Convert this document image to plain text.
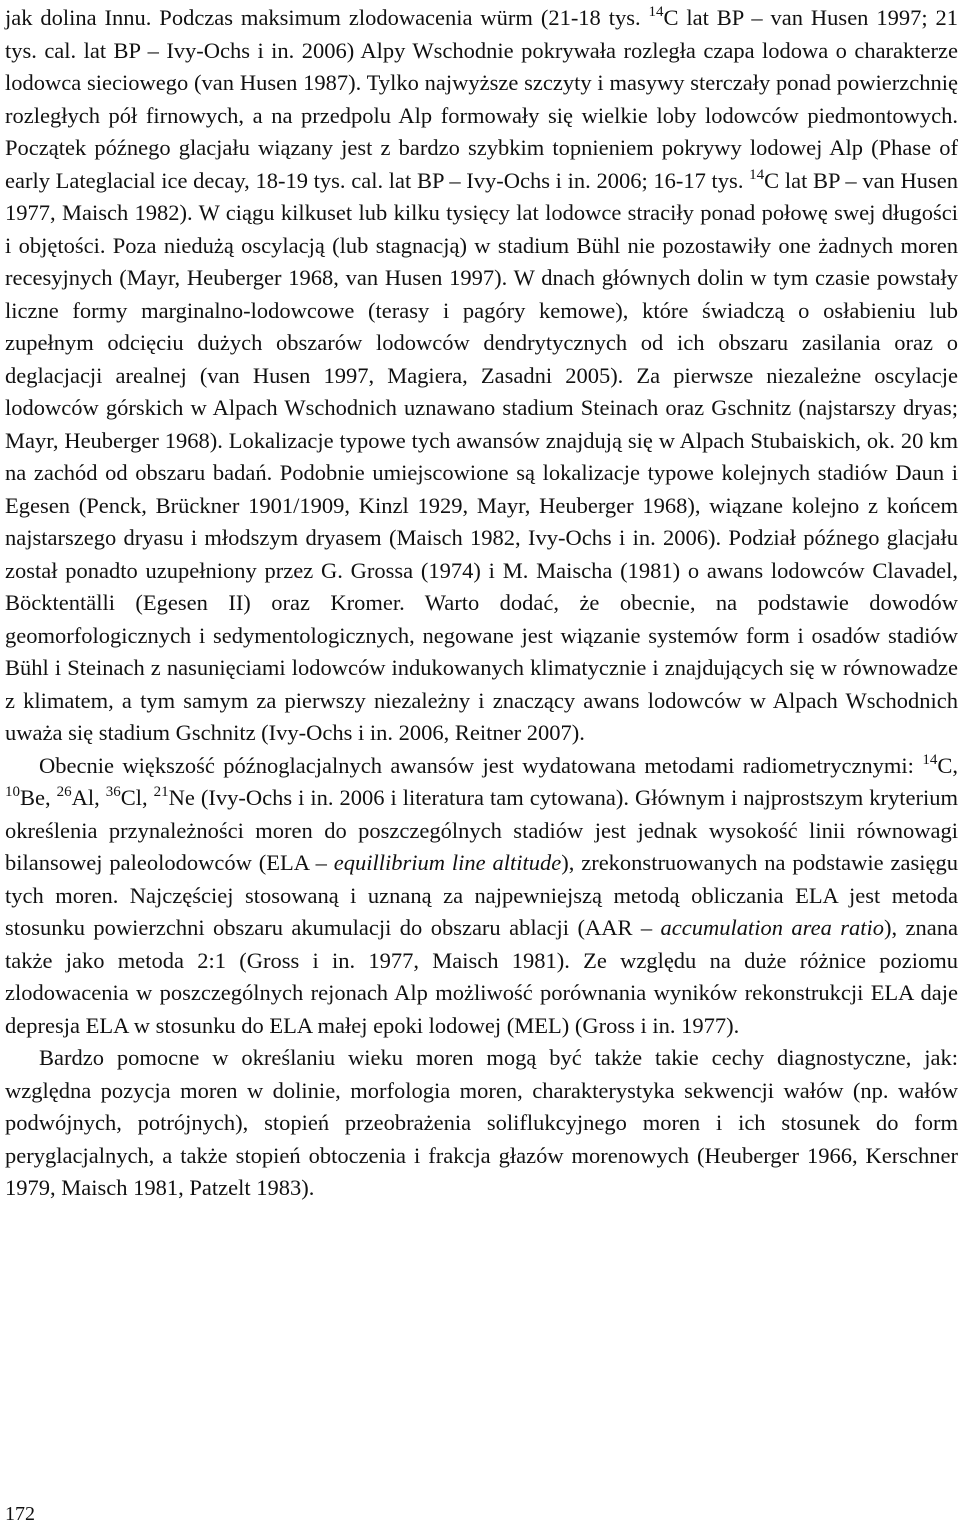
jak dolina Innu. Podczas maksimum zlodowacenia würm (21-18 tys. $^{14}$C lat BP – van Husen 1997; 21 tys. cal. lat BP – Ivy-Ochs i in. 2006) Alpy Wschodnie pokrywała rozległa czapa lodowa o charakterze lodowca sieciowego (van Husen 1987). Tylko najwyższe szczyty i masywy sterczały ponad powierzchnię rozległych pół firnowych, a na przedpolu Alp formowały się wielkie loby lodowców piedmontowych. Początek późnego glacjału wiązany jest z bardzo szybkim topnieniem pokrywy lodowej Alp (Phase of early Lateglacial ice decay, 18-19 tys. cal. lat BP – Ivy-Ochs i in. 2006; 16-17 tys. $^{14}$C lat BP – van Husen 1977, Maisch 1982). W ciągu kilkuset lub kilku tysięcy lat lodowce straciły ponad połowę swej długości i objętości. Poza niedużą oscylacją (lub stagnacją) w stadium Bühl nie pozostawiły one żadnych moren recesyjnych (Mayr, Heuberger 1968, van Husen 1997). W dnach głównych dolin w tym czasie powstały liczne formy marginalno-lodowcowe (terasy i pagóry kemowe), które świadczą o osłabieniu lub zupełnym odcięciu dużych obszarów lodowców dendrytycznych od ich obszaru zasilania oraz o deglacjacji arealnej (van Husen 1997, Magiera, Zasadni 2005). Za pierwsze niezależne oscylacje lodowców górskich w Alpach Wschodnich uznawano stadium Steinach oraz Gschnitz (najstarszy dryas; Mayr, Heuberger 1968). Lokalizacje typowe tych awansów znajdują się w Alpach Stubaiskich, ok. 20 km na zachód od obszaru badań. Podobnie umiejscowione są lokalizacje typowe kolejnych stadiów Daun i Egesen (Penck, Brückner 1901/1909, Kinzl 1929, Mayr, Heuberger 1968), wiązane kolejno z końcem najstarszego dryasu i młodszym dryasem (Maisch 1982, Ivy-Ochs i in. 2006). Podział późnego glacjału został ponadto uzupełniony przez G. Grossa (1974) i M. Maischa (1981) o awans lodowców Clavadel, Böcktentälli (Egesen II) oraz Kromer. Warto dodać, że obecnie, na podstawie dowodów geomorfologicznych i sedymentologicznych, negowane jest wiązanie systemów form i osadów stadiów Bühl i Steinach z nasunięciami lodowców indukowanych klimatycznie i znajdujących się w równowadze z klimatem, a tym samym za pierwszy niezależny i znaczący awans lodowców w Alpach Wschodnich uważa się stadium Gschnitz (Ivy-Ochs i in. 2006, Reitner 2007).

Obecnie większość późnoglacjalnych awansów jest wydatowana metodami radiometrycznymi: $^{14}$C, $^{10}$Be, $^{26}$Al, $^{36}$Cl, $^{21}$Ne (Ivy-Ochs i in. 2006 i literatura tam cytowana). Głównym i najprostszym kryterium określenia przynależności moren do poszczególnych stadiów jest jednak wysokość linii równowagi bilansowej paleolodowców (ELA – equillibrium line altitude), zrekonstruowanych na podstawie zasięgu tych moren. Najczęściej stosowaną i uznaną za najpewniejszą metodą obliczania ELA jest metoda stosunku powierzchni obszaru akumulacji do obszaru ablacji (AAR – accumulation area ratio), znana także jako metoda 2:1 (Gross i in. 1977, Maisch 1981). Ze względu na duże różnice poziomu zlodowacenia w poszczególnych rejonach Alp możliwość porównania wyników rekonstrukcji ELA daje depresja ELA w stosunku do ELA małej epoki lodowej (MEL) (Gross i in. 1977).

Bardzo pomocne w określaniu wieku moren mogą być także takie cechy diagnostyczne, jak: względna pozycja moren w dolinie, morfologia moren, charakterystyka sekwencji wałów (np. wałów podwójnych, potrójnych), stopień przeobrażenia soliflukcyjnego moren i ich stosunek do form peryglacjalnych, a także stopień obtoczenia i frakcja głazów morenowych (Heuberger 1966, Kerschner 1979, Maisch 1981, Patzelt 1983).

172
